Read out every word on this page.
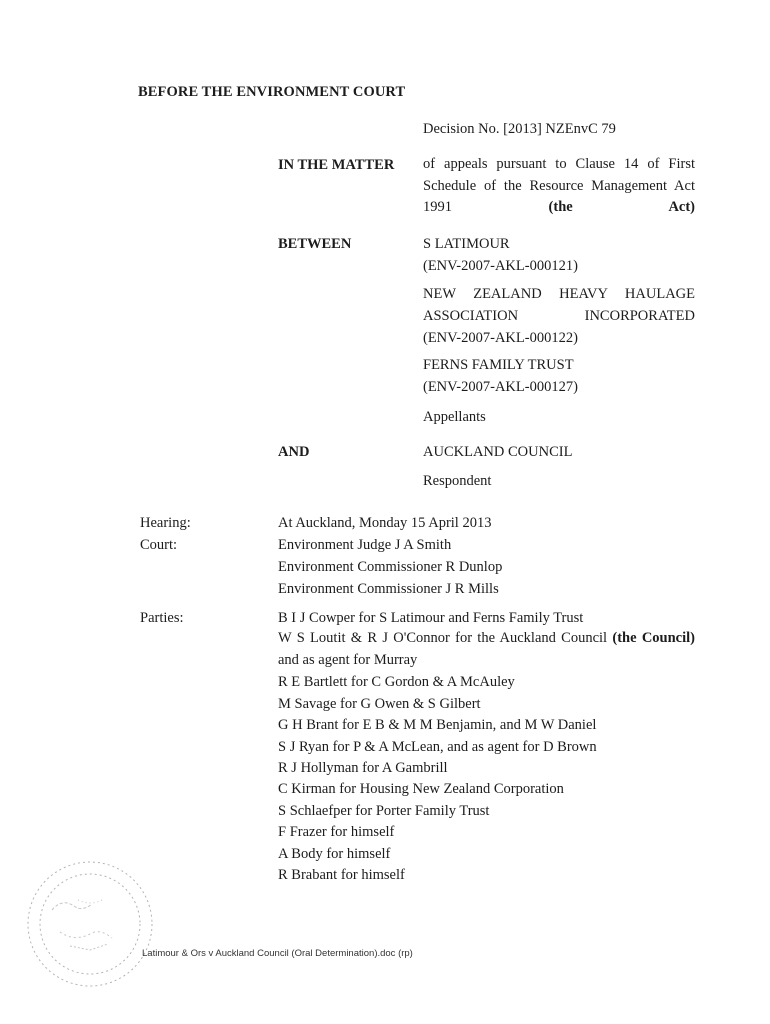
BEFORE THE ENVIRONMENT COURT
Decision No. [2013] NZEnvC 79
IN THE MATTER of appeals pursuant to Clause 14 of First Schedule of the Resource Management Act 1991 (the Act)
BETWEEN	S LATIMOUR
(ENV-2007-AKL-000121)
NEW ZEALAND HEAVY HAULAGE ASSOCIATION INCORPORATED
(ENV-2007-AKL-000122)
FERNS FAMILY TRUST
(ENV-2007-AKL-000127)
Appellants
AND	AUCKLAND COUNCIL
Respondent
Hearing:	At Auckland, Monday 15 April 2013
Court:	Environment Judge J A Smith
Environment Commissioner R Dunlop
Environment Commissioner J R Mills
Parties:	B I J Cowper for S Latimour and Ferns Family Trust
W S Loutit & R J O'Connor for the Auckland Council (the Council) and as agent for Murray
R E Bartlett for C Gordon & A McAuley
M Savage for G Owen & S Gilbert
G H Brant for E B & M M Benjamin, and M W Daniel
S J Ryan for P & A McLean, and as agent for D Brown
R J Hollyman for A Gambrill
C Kirman for Housing New Zealand Corporation
S Schlaefper for Porter Family Trust
F Frazer for himself
A Body for himself
R Brabant for himself
Latimour & Ors v Auckland Council (Oral Determination).doc (rp)
